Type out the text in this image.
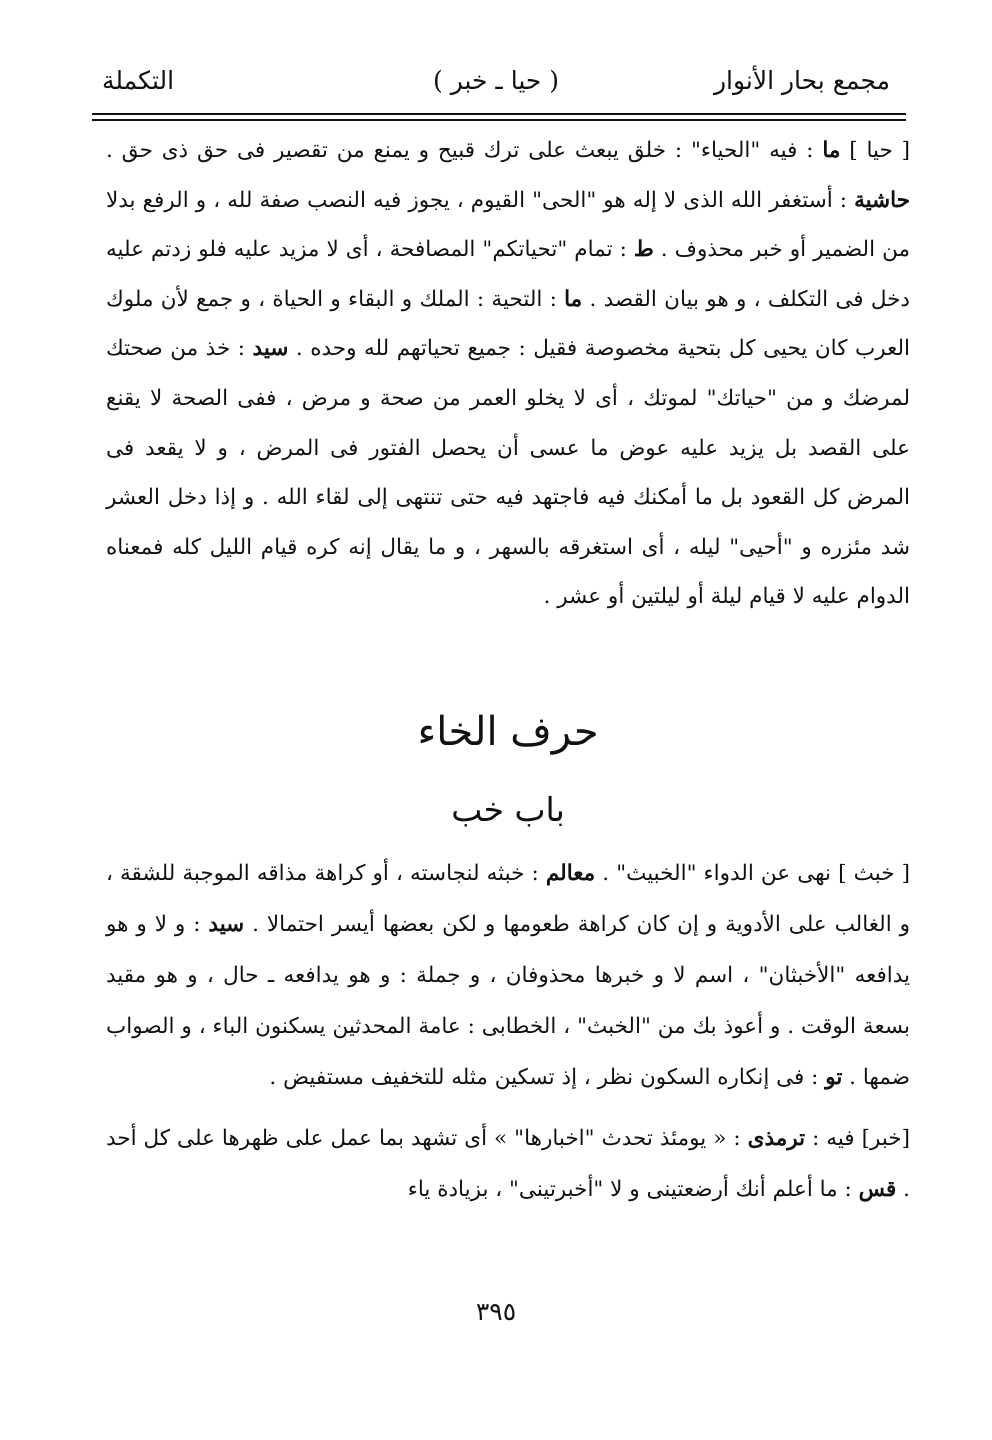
مجمع بحار الأنوار
( حيا ـ خبر )
التكملة

[ حيا ] ما : فيه "الحياء" : خلق يبعث على ترك قبيح و يمنع من تقصير فى حق ذى حق . حاشية : أستغفر الله الذى لا إله هو "الحى" القيوم ، يجوز فيه النصب صفة لله ، و الرفع بدلا من الضمير أو خبر محذوف . ط : تمام "تحياتكم" المصافحة ، أى لا مزيد عليه فلو زدتم عليه دخل فى التكلف ، و هو بيان القصد . ما : التحية : الملك و البقاء و الحياة ، و جمع لأن ملوك العرب كان يحيى كل بتحية مخصوصة فقيل : جميع تحياتهم لله وحده . سيد : خذ من صحتك لمرضك و من "حياتك" لموتك ، أى لا يخلو العمر من صحة و مرض ، ففى الصحة لا يقنع على القصد بل يزيد عليه عوض ما عسى أن يحصل الفتور فى المرض ، و لا يقعد فى المرض كل القعود بل ما أمكنك فيه فاجتهد فيه حتى تنتهى إلى لقاء الله . و إذا دخل العشر شد مئزره و "أحيى" ليله ، أى استغرقه بالسهر ، و ما يقال إنه كره قيام الليل كله فمعناه الدوام عليه لا قيام ليلة أو ليلتين أو عشر .

حرف الخاء
باب خب

[ خبث ] نهى عن الدواء "الخبيث" . معالم : خبثه لنجاسته ، أو كراهة مذاقه الموجبة للشقة ، و الغالب على الأدوية و إن كان كراهة طعومها و لكن بعضها أيسر احتمالا . سيد : و لا و هو يدافعه "الأخبثان" ، اسم لا و خبرها محذوفان ، و جملة : و هو يدافعه ـ حال ، و هو مقيد بسعة الوقت . و أعوذ بك من "الخبث" ، الخطابى : عامة المحدثين يسكنون الباء ، و الصواب ضمها . تو : فى إنكاره السكون نظر ، إذ تسكين مثله للتخفيف مستفيض .

[خبر] فيه : ترمذى : « يومئذ تحدث "اخبارها" » أى تشهد بما عمل على ظهرها على كل أحد . قس : ما أعلم أنك أرضعتينى و لا "أخبرتينى" ، بزيادة ياء

٣٩٥
